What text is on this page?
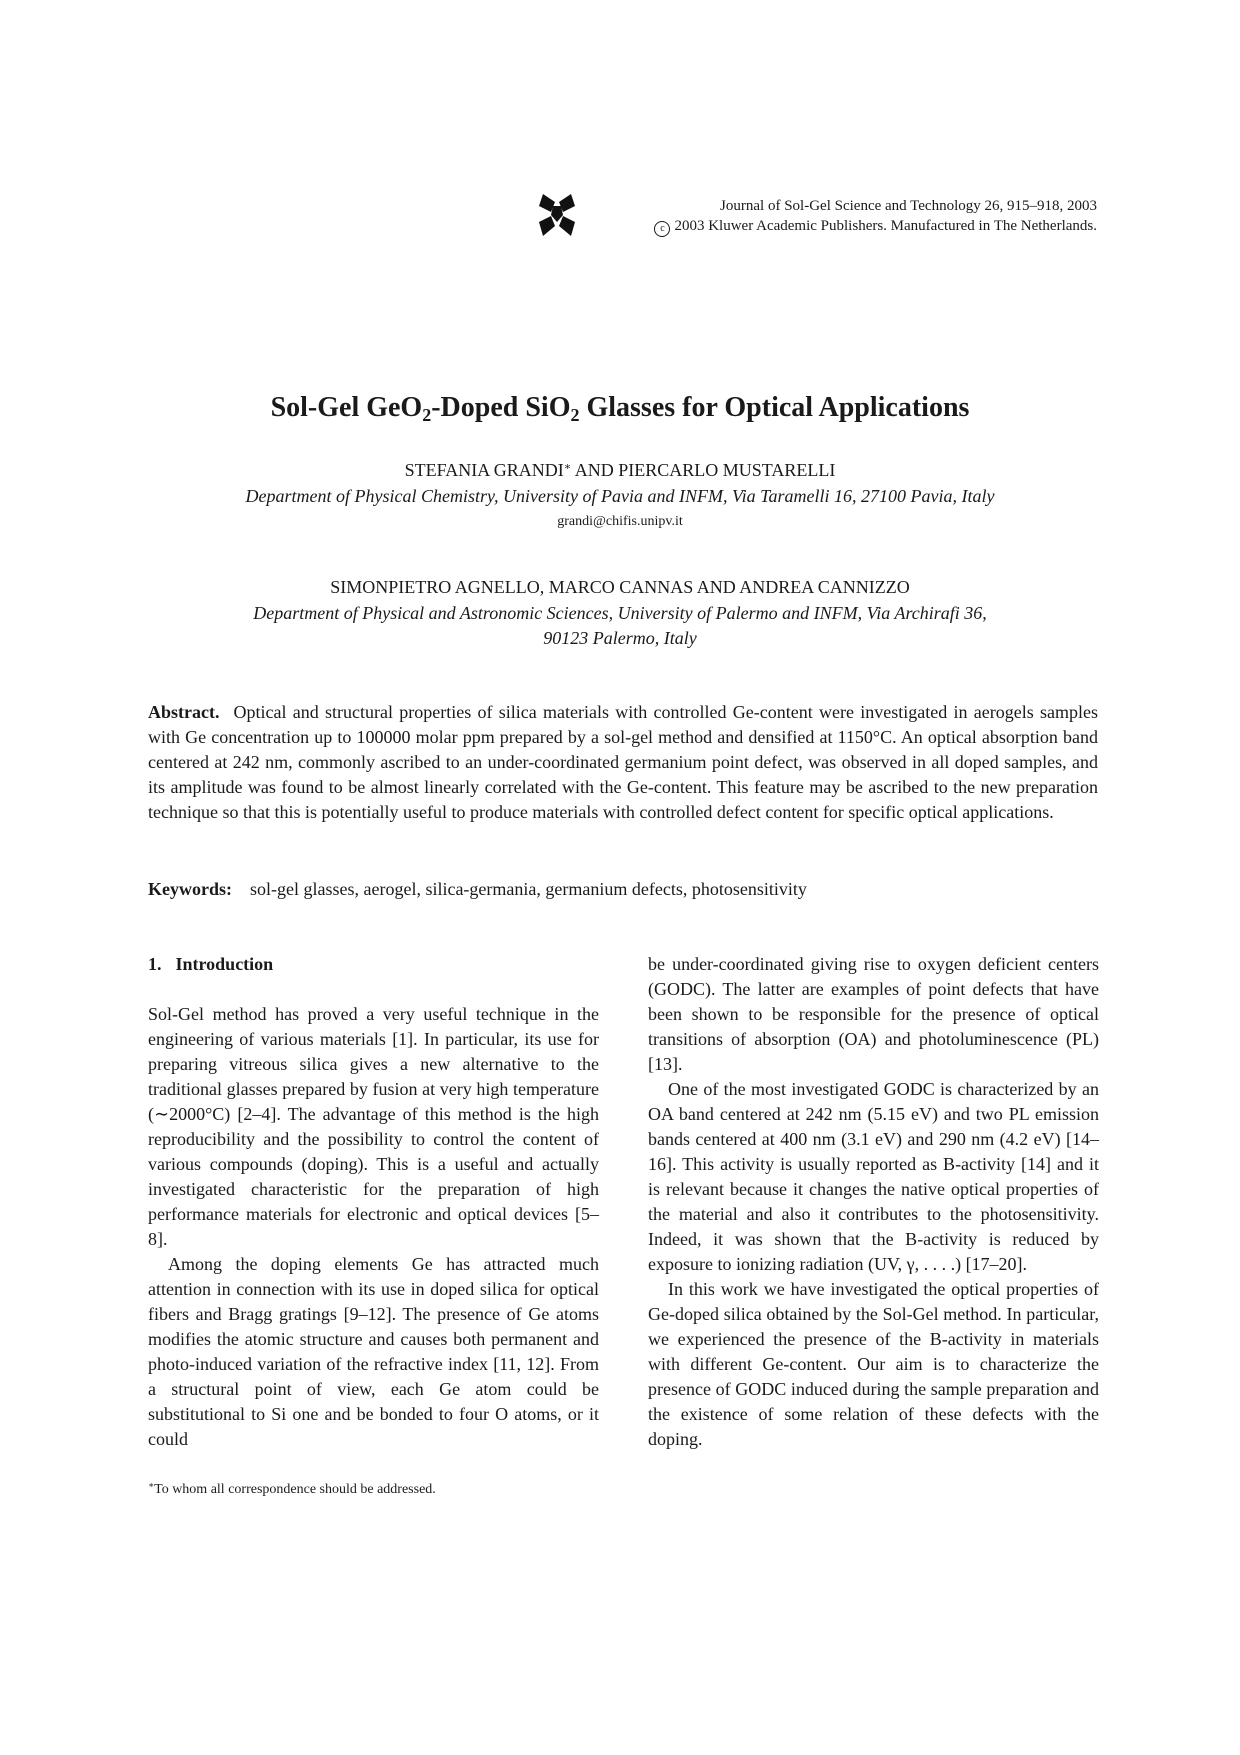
Journal of Sol-Gel Science and Technology 26, 915–918, 2003
c 2003 Kluwer Academic Publishers. Manufactured in The Netherlands.
Sol-Gel GeO$_2$-Doped SiO$_2$ Glasses for Optical Applications
STEFANIA GRANDI∗ AND PIERCARLO MUSTARELLI
Department of Physical Chemistry, University of Pavia and INFM, Via Taramelli 16, 27100 Pavia, Italy
grandi@chifis.unipv.it
SIMONPIETRO AGNELLO, MARCO CANNAS AND ANDREA CANNIZZO
Department of Physical and Astronomic Sciences, University of Palermo and INFM, Via Archirafi 36,
90123 Palermo, Italy
Abstract. Optical and structural properties of silica materials with controlled Ge-content were investigated in aerogels samples with Ge concentration up to 100000 molar ppm prepared by a sol-gel method and densified at 1150°C. An optical absorption band centered at 242 nm, commonly ascribed to an under-coordinated germanium point defect, was observed in all doped samples, and its amplitude was found to be almost linearly correlated with the Ge-content. This feature may be ascribed to the new preparation technique so that this is potentially useful to produce materials with controlled defect content for specific optical applications.
Keywords: sol-gel glasses, aerogel, silica-germania, germanium defects, photosensitivity
1. Introduction

Sol-Gel method has proved a very useful technique in the engineering of various materials [1]. In particular, its use for preparing vitreous silica gives a new alternative to the traditional glasses prepared by fusion at very high temperature (∼2000°C) [2–4]. The advantage of this method is the high reproducibility and the possibility to control the content of various compounds (doping). This is a useful and actually investigated characteristic for the preparation of high performance materials for electronic and optical devices [5–8].

Among the doping elements Ge has attracted much attention in connection with its use in doped silica for optical fibers and Bragg gratings [9–12]. The presence of Ge atoms modifies the atomic structure and causes both permanent and photo-induced variation of the refractive index [11, 12]. From a structural point of view, each Ge atom could be substitutional to Si one and be bonded to four O atoms, or it could

be under-coordinated giving rise to oxygen deficient centers (GODC). The latter are examples of point defects that have been shown to be responsible for the presence of optical transitions of absorption (OA) and photoluminescence (PL) [13].

One of the most investigated GODC is characterized by an OA band centered at 242 nm (5.15 eV) and two PL emission bands centered at 400 nm (3.1 eV) and 290 nm (4.2 eV) [14–16]. This activity is usually reported as B-activity [14] and it is relevant because it changes the native optical properties of the material and also it contributes to the photosensitivity. Indeed, it was shown that the B-activity is reduced by exposure to ionizing radiation (UV, γ, . . . .) [17–20].

In this work we have investigated the optical properties of Ge-doped silica obtained by the Sol-Gel method. In particular, we experienced the presence of the B-activity in materials with different Ge-content. Our aim is to characterize the presence of GODC induced during the sample preparation and the existence of some relation of these defects with the doping.

∗To whom all correspondence should be addressed.
